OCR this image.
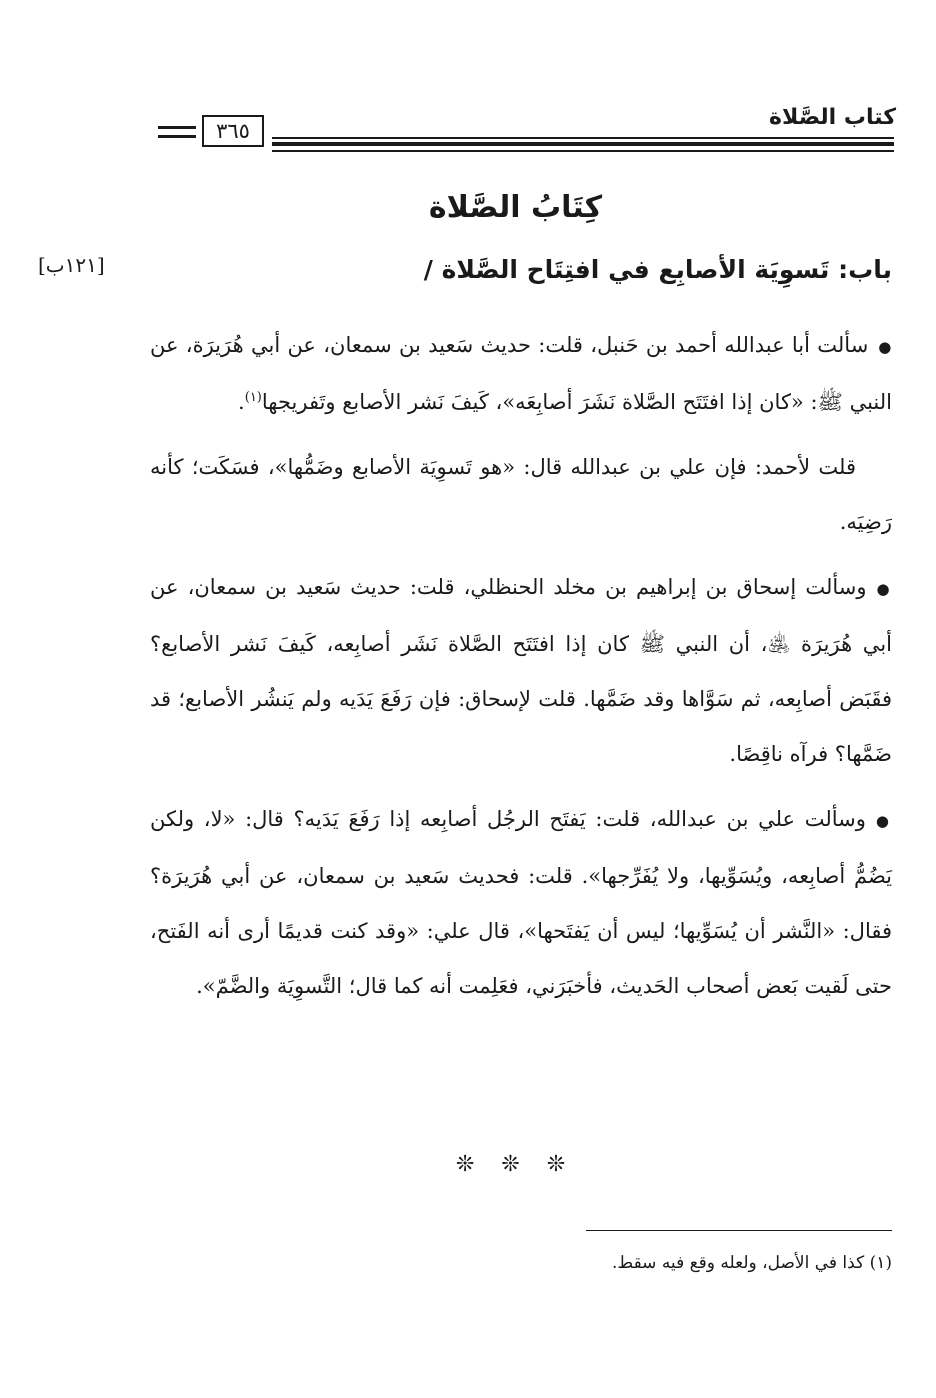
كتاب الصَّلاة
٣٦٥
كِتَابُ الصَّلاة
باب: تَسوِيَة الأصابِع في افتِتَاح الصَّلاة /
[١٢١ب]

●سألت أبا عبدالله أحمد بن حَنبل، قلت: حديث سَعيد بن سمعان، عن أبي هُرَيرَة، عن النبي ﷺ: «كان إذا افتَتَح الصَّلاة نَشَرَ أصابِعَه»، كَيفَ نَشر الأصابع وتَفريجها$^{(١)}$.

قلت لأحمد: فإن علي بن عبدالله قال: «هو تَسوِيَة الأصابع وضَمُّها»، فسَكَت؛ كأنه رَضِيَه.

●وسألت إسحاق بن إبراهيم بن مخلد الحنظلي، قلت: حديث سَعيد بن سمعان، عن أبي هُرَيرَة ﵁، أن النبي ﷺ كان إذا افتَتَح الصَّلاة نَشَر أصابِعه، كَيفَ نَشر الأصابع؟ فقَبَض أصابِعه، ثم سَوَّاها وقد ضَمَّها. قلت لإسحاق: فإن رَفَعَ يَدَيه ولم يَنشُر الأصابع؛ قد ضَمَّها؟ فرآه ناقِصًا.

●وسألت علي بن عبدالله، قلت: يَفتَح الرجُل أصابِعه إذا رَفَعَ يَدَيه؟ قال: «لا، ولكن يَضُمُّ أصابِعه، ويُسَوِّيها، ولا يُفَرِّجها». قلت: فحديث سَعيد بن سمعان، عن أبي هُرَيرَة؟ فقال: «النَّشر أن يُسَوِّيها؛ ليس أن يَفتَحها»، قال علي: «وقد كنت قديمًا أرى أنه الفَتح، حتى لَقيت بَعض أصحاب الحَديث، فأخبَرَني، فعَلِمت أنه كما قال؛ التَّسوِيَة والضَّمّ».

❊ ❊ ❊
(١) كذا في الأصل، ولعله وقع فيه سقط.
